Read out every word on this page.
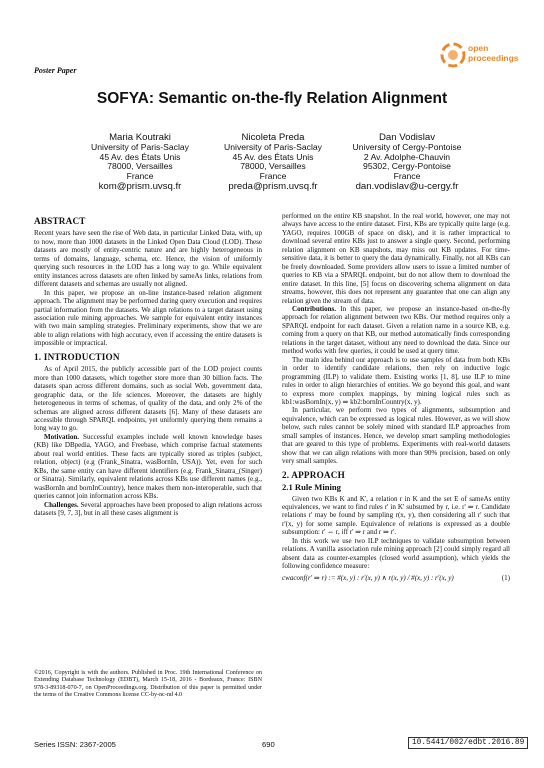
Poster Paper
open
proceedings
SOFYA: Semantic on-the-fly Relation Alignment
Maria Koutraki
University of Paris-Saclay
45 Av. des États Unis
78000, Versailles
France
kom@prism.uvsq.fr
Nicoleta Preda
University of Paris-Saclay
45 Av. des États Unis
78000, Versailles
France
preda@prism.uvsq.fr
Dan Vodislav
University of Cergy-Pontoise
2 Av. Adolphe-Chauvin
95302, Cergy-Pontoise
France
dan.vodislav@u-cergy.fr
ABSTRACT

Recent years have seen the rise of Web data, in particular Linked Data, with, up to now, more than 1000 datasets in the Linked Open Data Cloud (LOD). These datasets are mostly of entity-centric nature and are highly heterogeneous in terms of domains, language, schema, etc. Hence, the vision of uniformly querying such resources in the LOD has a long way to go. While equivalent entity instances across datasets are often linked by sameAs links, relations from different datasets and schemas are usually not aligned.

In this paper, we propose an on-line instance-based relation alignment approach. The alignment may be performed during query execution and requires partial information from the datasets. We align relations to a target dataset using association rule mining approaches. We sample for equivalent entity instances with two main sampling strategies. Preliminary experiments, show that we are able to align relations with high accuracy, even if accessing the entire datasets is impossible or impractical.

1. INTRODUCTION

As of April 2015, the publicly accessible part of the LOD project counts more than 1000 datasets, which together store more than 30 billion facts. The datasets span across different domains, such as social Web, government data, geographic data, or the life sciences. Moreover, the datasets are highly heterogeneous in terms of schemas, of quality of the data, and only 2% of the schemas are aligned across different datasets [6]. Many of these datasets are accessible through SPARQL endpoints, yet uniformly querying them remains a long way to go.

Motivation. Successful examples include well known knowledge bases (KB) like DBpedia, YAGO, and Freebase, which comprise factual statements about real world entities. These facts are typically stored as triples (subject, relation, object) (e.g (Frank_Sinatra, wasBornIn, USA)). Yet, even for such KBs, the same entity can have different identifiers (e.g. Frank_Sinatra_(Singer) or Sinatra). Similarly, equivalent relations across KBs use different names (e.g., wasBornIn and bornInCountry), hence makes them non-interoperable, such that queries cannot join information across KBs.

Challenges. Several approaches have been proposed to align relations across datasets [9, 7, 3], but in all these cases alignment is

©2016, Copyright is with the authors. Published in Proc. 19th International Conference on Extending Database Technology (EDBT), March 15-18, 2016 - Bordeaux, France: ISBN 978-3-89318-070-7, on OpenProceedings.org. Distribution of this paper is permitted under the terms of the Creative Commons license CC-by-nc-nd 4.0

performed on the entire KB snapshot. In the real world, however, one may not always have access to the entire dataset. First, KBs are typically quite large (e.g. YAGO, requires 100GB of space on disk), and it is rather impractical to download several entire KBs just to answer a single query. Second, performing relation alignment on KB snapshots, may miss out KB updates. For time-sensitive data, it is better to query the data dynamically. Finally, not all KBs can be freely downloaded. Some providers allow users to issue a limited number of queries to KB via a SPARQL endpoint, but do not allow them to download the entire dataset. In this line, [5] focus on discovering schema alignment on data streams, however, this does not represent any guarantee that one can align any relation given the stream of data.

Contributions. In this paper, we propose an instance-based on-the-fly approach for relation alignment between two KBs. Our method requires only a SPARQL endpoint for each dataset. Given a relation name in a source KB, e.g. coming from a query on that KB, our method automatically finds corresponding relations in the target dataset, without any need to download the data. Since our method works with few queries, it could be used at query time.

The main idea behind our approach is to use samples of data from both KBs in order to identify candidate relations, then rely on inductive logic programming (ILP) to validate them. Existing works [1, 8], use ILP to mine rules in order to align hierarchies of entities. We go beyond this goal, and want to express more complex mappings, by mining logical rules such as kb1:wasBornIn(x, y) ⇒ kb2:bornInCountry(x, y).

In particular, we perform two types of alignments, subsumption and equivalence, which can be expressed as logical rules. However, as we will show below, such rules cannot be solely mined with standard ILP approaches from small samples of instances. Hence, we develop smart sampling methodologies that are geared to this type of problems. Experiments with real-world datasets show that we can align relations with more than 90% precision, based on only very small samples.

2. APPROACH
2.1 Rule Mining

Given two KBs K and K', a relation r in K and the set E of sameAs entity equivalences, we want to find rules r' in K' subsumed by r, i.e. r' ⇒ r. Candidate relations r' may be found by sampling r(x, y), then considering all r' such that r'(x, y) for some sample. Equivalence of relations is expressed as a double subsumption: r' ⇔ r, iff r' ⇒ r and r ⇒ r'.

In this work we use two ILP techniques to validate subsumption between relations. A vanilla association rule mining approach [2] could simply regard all absent data as counter-examples (closed world assumption), which yields the following confidence measure:

cwaconf(r' ⇒ r) := #(x, y) : r'(x, y) ∧ r(x, y) / #(x, y) : r'(x, y)	(1)
Series ISSN: 2367-2005	690	10.5441/002/edbt.2016.89
